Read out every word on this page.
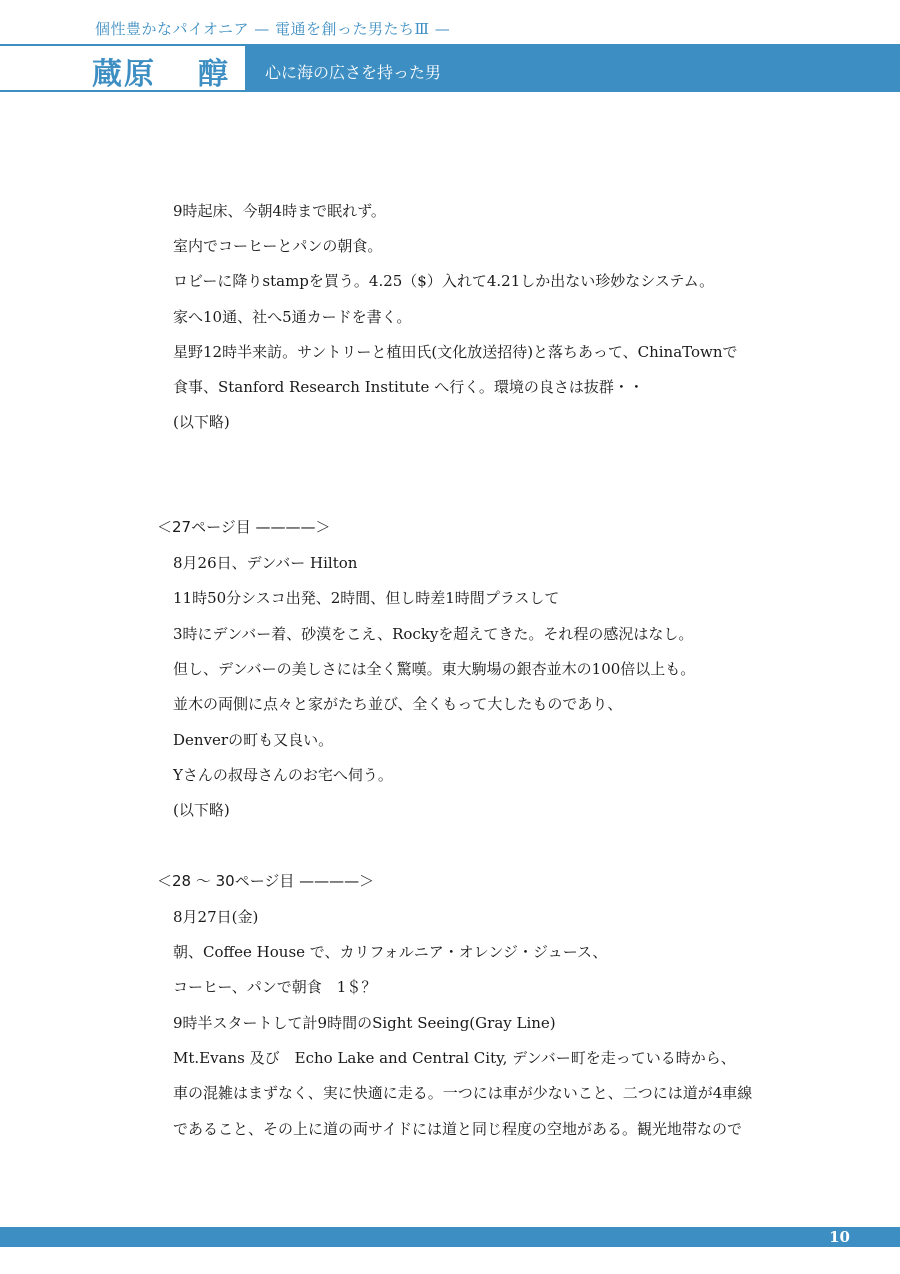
個性豊かなパイオニア — 電通を創った男たちⅢ —
蔵原 醇 心に海の広さを持った男
9時起床、今朝4時まで眠れず。
室内でコーヒーとパンの朝食。
ロビーに降りstampを買う。4.25（$）入れて4.21しか出ない珍妙なシステム。
家へ10通、社へ5通カードを書く。
星野12時半来訪。サントリーと植田氏(文化放送招待)と落ちあって、ChinaTownで
食事、Stanford Research Institute へ行く。環境の良さは抜群・・
(以下略)
＜27ページ目 ————＞
8月26日、デンバー Hilton
11時50分シスコ出発、2時間、但し時差1時間プラスして
3時にデンバー着、砂漠をこえ、Rockyを超えてきた。それ程の感況はなし。
但し、デンバーの美しさには全く驚嘆。東大駒場の銀杏並木の100倍以上も。
並木の両側に点々と家がたち並び、全くもって大したものであり、
Denverの町も又良い。
Yさんの叔母さんのお宅へ伺う。
(以下略)
＜28 ～ 30ページ目 ————＞
8月27日(金)
朝、Coffee House で、カリフォルニア・オレンジ・ジュース、
コーヒー、パンで朝食　1＄？
9時半スタートして計9時間のSight Seeing(Gray Line)
Mt.Evans 及び　Echo Lake and Central City, デンバー町を走っている時から、
車の混雑はまずなく、実に快適に走る。一つには車が少ないこと、二つには道が4車線
であること、その上に道の両サイドには道と同じ程度の空地がある。観光地帯なので
10
